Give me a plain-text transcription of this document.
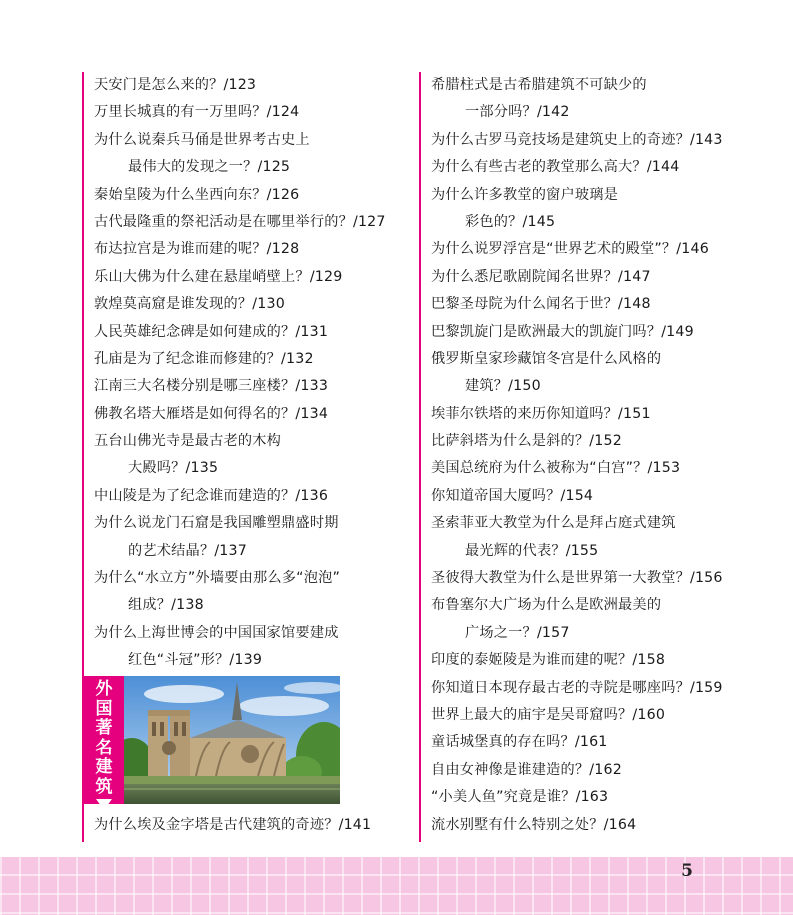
天安门是怎么来的？/123
万里长城真的有一万里吗？/124
为什么说秦兵马俑是世界考古史上
最伟大的发现之一？/125
秦始皇陵为什么坐西向东？/126
古代最隆重的祭祀活动是在哪里举行的？/127
布达拉宫是为谁而建的呢？/128
乐山大佛为什么建在悬崖峭壁上？/129
敦煌莫高窟是谁发现的？/130
人民英雄纪念碑是如何建成的？/131
孔庙是为了纪念谁而修建的？/132
江南三大名楼分别是哪三座楼？/133
佛教名塔大雁塔是如何得名的？/134
五台山佛光寺是最古老的木构
大殿吗？/135
中山陵是为了纪念谁而建造的？/136
为什么说龙门石窟是我国雕塑鼎盛时期
的艺术结晶？/137
为什么“水立方”外墙要由那么多“泡泡”
组成？/138
为什么上海世博会的中国国家馆要建成
红色“斗冠”形？/139
外
国
著
名
建
筑
为什么埃及金字塔是古代建筑的奇迹？/141
希腊柱式是古希腊建筑不可缺少的
一部分吗？/142
为什么古罗马竞技场是建筑史上的奇迹？/143
为什么有些古老的教堂那么高大？/144
为什么许多教堂的窗户玻璃是
彩色的？/145
为什么说罗浮宫是“世界艺术的殿堂”？/146
为什么悉尼歌剧院闻名世界？/147
巴黎圣母院为什么闻名于世？/148
巴黎凯旋门是欧洲最大的凯旋门吗？/149
俄罗斯皇家珍藏馆冬宫是什么风格的
建筑？/150
埃菲尔铁塔的来历你知道吗？/151
比萨斜塔为什么是斜的？/152
美国总统府为什么被称为“白宫”？/153
你知道帝国大厦吗？/154
圣索菲亚大教堂为什么是拜占庭式建筑
最光辉的代表？/155
圣彼得大教堂为什么是世界第一大教堂？/156
布鲁塞尔大广场为什么是欧洲最美的
广场之一？/157
印度的泰姬陵是为谁而建的呢？/158
你知道日本现存最古老的寺院是哪座吗？/159
世界上最大的庙宇是吴哥窟吗？/160
童话城堡真的存在吗？/161
自由女神像是谁建造的？/162
“小美人鱼”究竟是谁？/163
流水别墅有什么特别之处？/164
5
